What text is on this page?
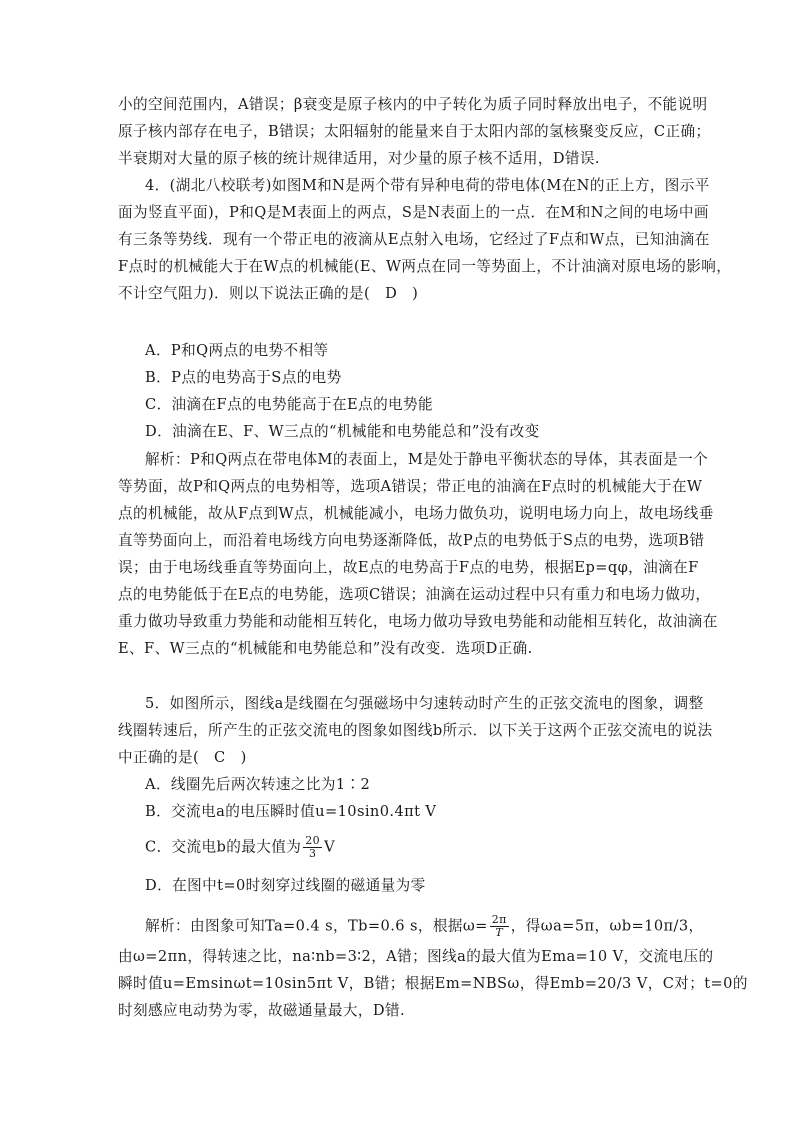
小的空间范围内，A错误；β衰变是原子核内的中子转化为质子同时释放出电子，不能说明
原子核内部存在电子，B错误；太阳辐射的能量来自于太阳内部的氢核聚变反应，C正确；
半衰期对大量的原子核的统计规律适用，对少量的原子核不适用，D错误.
4．(湖北八校联考)如图M和N是两个带有异种电荷的带电体(M在N的正上方，图示平
面为竖直平面)，P和Q是M表面上的两点，S是N表面上的一点．在M和N之间的电场中画
有三条等势线．现有一个带正电的液滴从E点射入电场，它经过了F点和W点，已知油滴在
F点时的机械能大于在W点的机械能(E、W两点在同一等势面上，不计油滴对原电场的影响，
不计空气阻力)．则以下说法正确的是(　D　)
A．P和Q两点的电势不相等
B．P点的电势高于S点的电势
C．油滴在F点的电势能高于在E点的电势能
D．油滴在E、F、W三点的“机械能和电势能总和”没有改变
解析：P和Q两点在带电体M的表面上，M是处于静电平衡状态的导体，其表面是一个
等势面，故P和Q两点的电势相等，选项A错误；带正电的油滴在F点时的机械能大于在W
点的机械能，故从F点到W点，机械能减小，电场力做负功，说明电场力向上，故电场线垂
直等势面向上，而沿着电场线方向电势逐渐降低，故P点的电势低于S点的电势，选项B错
误；由于电场线垂直等势面向上，故E点的电势高于F点的电势，根据Ep=qφ，油滴在F
点的电势能低于在E点的电势能，选项C错误；油滴在运动过程中只有重力和电场力做功，
重力做功导致重力势能和动能相互转化，电场力做功导致电势能和动能相互转化，故油滴在
E、F、W三点的“机械能和电势能总和”没有改变．选项D正确.
5．如图所示，图线a是线圈在匀强磁场中匀速转动时产生的正弦交流电的图象，调整
线圈转速后，所产生的正弦交流电的图象如图线b所示．以下关于这两个正弦交流电的说法
中正确的是(　C　)
A．线圈先后两次转速之比为1∶2
B．交流电a的电压瞬时值u=10sin0.4πt V
C．交流电b的最大值为 $\frac{20}{3}$ V
D．在图中t=0时刻穿过线圈的磁通量为零
解析：由图象可知Ta=0.4 s，Tb=0.6 s，根据$\omega= \frac{2\pi}{T}$ ，得ωa=5π，ωb=10π/3，
由ω=2πn，得转速之比，na∶nb=3∶2，A错；图线a的最大值为Ema=10 V，交流电压的
瞬时值u=Emsinωt=10sin5πt V，B错；根据Em=NBSω，得Emb=20/3 V，C对；t=0的
时刻感应电动势为零，故磁通量最大，D错.
